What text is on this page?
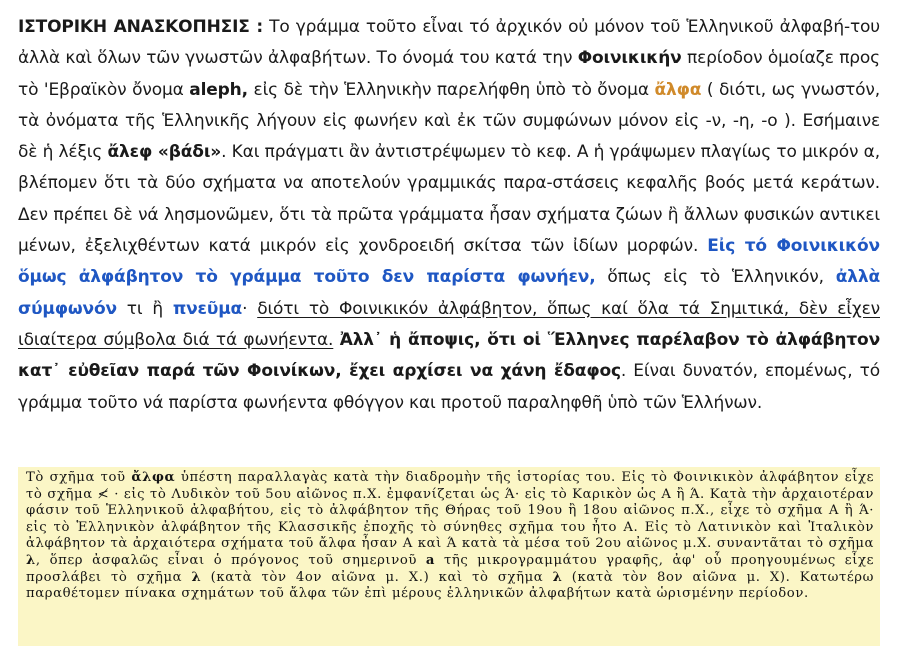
ΙΣΤΟΡΙΚΗ ΑΝΑΣΚΟΠΗΣΙΣ : Το γράμμα τοῦτο εἶναι τό ἀρχικόν οὐ μόνον τοῦ Ἑλληνικοῦ ἀλφαβή-του ἀλλὰ καὶ ὅλων τῶν γνωστῶν ἀλφαβήτων. Το όνομά του κατά την Φοινικικήν περίοδον ὁμοίαζε προς τὸ 'Εβραϊκὸν ὄνομα aleph, εἰς δὲ τὴν Ἑλληνικὴν παρελήφθη ὑπὸ τὸ ὄνομα ἄλφα ( διότι, ως γνωστόν, τὰ ὀνόματα τῆς Ἑλληνικῆς λήγουν εἰς φωνήεν καὶ ἐκ τῶν συμφώνων μόνον εἰς -ν, -η, -ο ). Εσήμαινε δὲ ἡ λέξις ἄλεφ «βάδι». Και πράγματι ἂν ἀντιστρέψωμεν τὸ κεφ. Α ἡ γράψωμεν πλαγίως το μικρόν α, βλέπομεν ὅτι τὰ δύο σχήματα να αποτελούν γραμμικάς παρα-στάσεις κεφαλῆς βοός μετά κεράτων. Δεν πρέπει δὲ νά λησμονῶμεν, ὅτι τὰ πρῶτα γράμματα ἦσαν σχήματα ζώων ἢ ἄλλων φυσικών αντικει μένων, ἐξελιχθέντων κατά μικρόν εἰς χονδροειδή σκίτσα τῶν ἰδίων μορφών. Εἰς τό Φοινικικόν ὅμως ἀλφάβητον τὸ γράμμα τοῦτο δεν παρίστα φωνήεν, ὅπως εἰς τὸ Ἑλληνικόν, ἀλλὰ σύμφωνόν τι ἢ πνεῦμα· διότι τὸ Φοινικικόν ἀλφάβητον, ὅπως καί ὅλα τά Σημιτικά, δὲν εἶχεν ιδιαίτερα σύμβολα διά τά φωνήεντα. Ἀλλ᾽ ἡ ἄποψις, ὅτι οἱ Ἕλληνες παρέλαβον τὸ ἀλφάβητον κατ᾽ εὐθεῖαν παρά τῶν Φοινίκων, ἔχει αρχίσει να χάνη ἔδαφος. Είναι δυνατόν, επομένως, τό γράμμα τοῦτο νά παρίστα φωνήεντα φθόγγον και προτοῦ παραληφθῆ ὑπὸ τῶν Ἑλλήνων.
Τὸ σχῆμα τοῦ ἄλφα ὑπέστη παραλλαγὰς κατὰ τὴν διαδρομὴν τῆς ἱστορίας του. Εἰς τὸ Φοινικικὸν ἀλφάβητον εἶχε τὸ σχῆμα ≮ · εἰς τὸ Λυδικὸν τοῦ 5ου αἰῶνος π.Χ. ἐμφανίζεται ὡς Ά· εἰς τὸ Καρικὸν ὡς Α ἢ Ά. Κατὰ τὴν ἀρχαιοτέραν φάσιν τοῦ Ἑλληνικοῦ ἀλφαβήτου, εἰς τὸ ἀλφάβητον τῆς Θήρας τοῦ 19ου ἢ 18ου αἰῶνος π.Χ., εἶχε τὸ σχῆμα Α ἢ Ά· εἰς τὸ Ἑλληνικὸν ἀλφάβητον τῆς Κλασσικῆς ἐποχῆς τὸ σύνηθες σχῆμα του ἦτο Α. Εἰς τὸ Λατινικὸν καὶ Ἰταλικὸν ἀλφάβητον τὰ ἀρχαιότερα σχήματα τοῦ ἄλφα ἦσαν Α καὶ Ά κατὰ τὰ μέσα τοῦ 2ου αἰῶνος μ.Χ. συναντᾶται τὸ σχῆμα λ, ὅπερ ἀσφαλῶς εἶναι ὁ πρόγονος τοῦ σημερινοῦ a τῆς μικρογραμμάτου γραφῆς, ἀφ' οὗ προηγουμένως εἶχε προσλάβει τὸ σχῆμα λ (κατὰ τὸν 4ον αἰῶνα μ. Χ.) καὶ τὸ σχῆμα λ (κατὰ τὸν 8ον αἰῶνα μ. Χ). Κατωτέρω παραθέτομεν πίνακα σχημάτων τοῦ ἄλφα τῶν ἐπὶ μέρους ἑλληνικῶν ἀλφαβήτων κατὰ ὡρισμένην περίοδον.
